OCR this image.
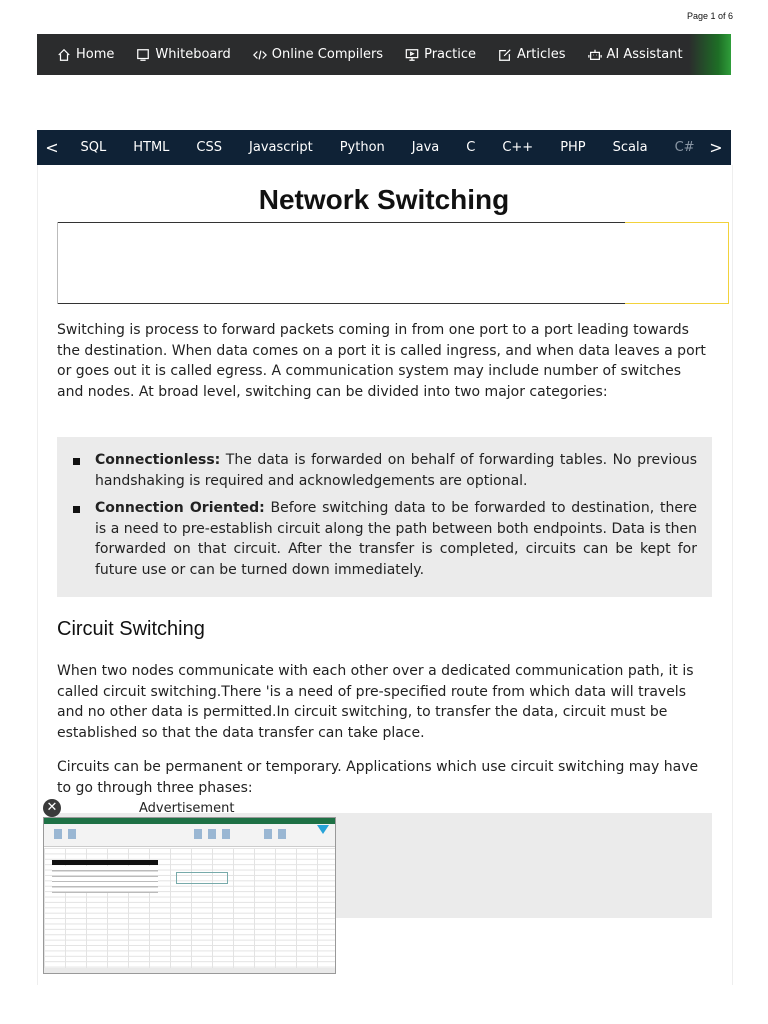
Page 1 of 6
Home	Whiteboard	Online Compilers	Practice	Articles	AI Assistant
<	SQL	HTML	CSS	Javascript	Python	Java	C	C++	PHP	Scala	C# >
Network Switching

Switching is process to forward packets coming in from one port to a port leading towards the destination. When data comes on a port it is called ingress, and when data leaves a port or goes out it is called egress. A communication system may include number of switches and nodes. At broad level, switching can be divided into two major categories:

Connectionless: The data is forwarded on behalf of forwarding tables. No previous handshaking is required and acknowledgements are optional.
Connection Oriented: Before switching data to be forwarded to destination, there is a need to pre-establish circuit along the path between both endpoints. Data is then forwarded on that circuit. After the transfer is completed, circuits can be kept for future use or can be turned down immediately.
Circuit Switching

When two nodes communicate with each other over a dedicated communication path, it is called circuit switching.There 'is a need of pre-specified route from which data will travels and no other data is permitted.In circuit switching, to transfer the data, circuit must be established so that the data transfer can take place.

Circuits can be permanent or temporary. Applications which use circuit switching may have to go through three phases:

Advertisement
✕
